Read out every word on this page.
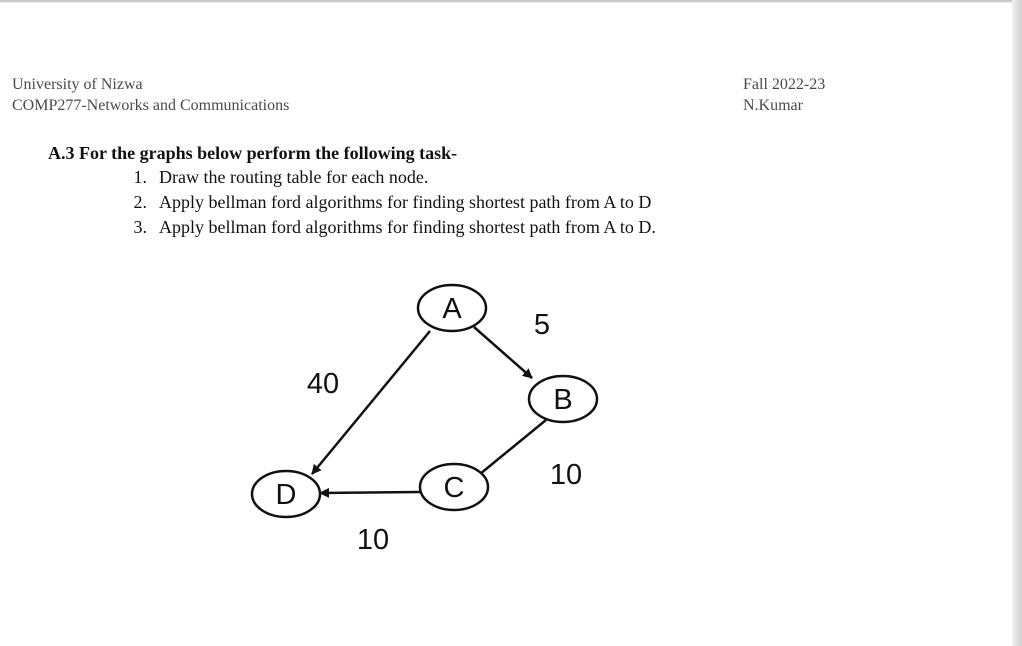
University of Nizwa
COMP277-Networks and Communications
Fall 2022-23
N.Kumar
A.3 For the graphs below perform the following task-
1. Draw the routing table for each node.
2. Apply bellman ford algorithms for finding shortest path from A to D
3. Apply bellman ford algorithms for finding shortest path from A to D.
A
B
C
D
5
40
10
10
